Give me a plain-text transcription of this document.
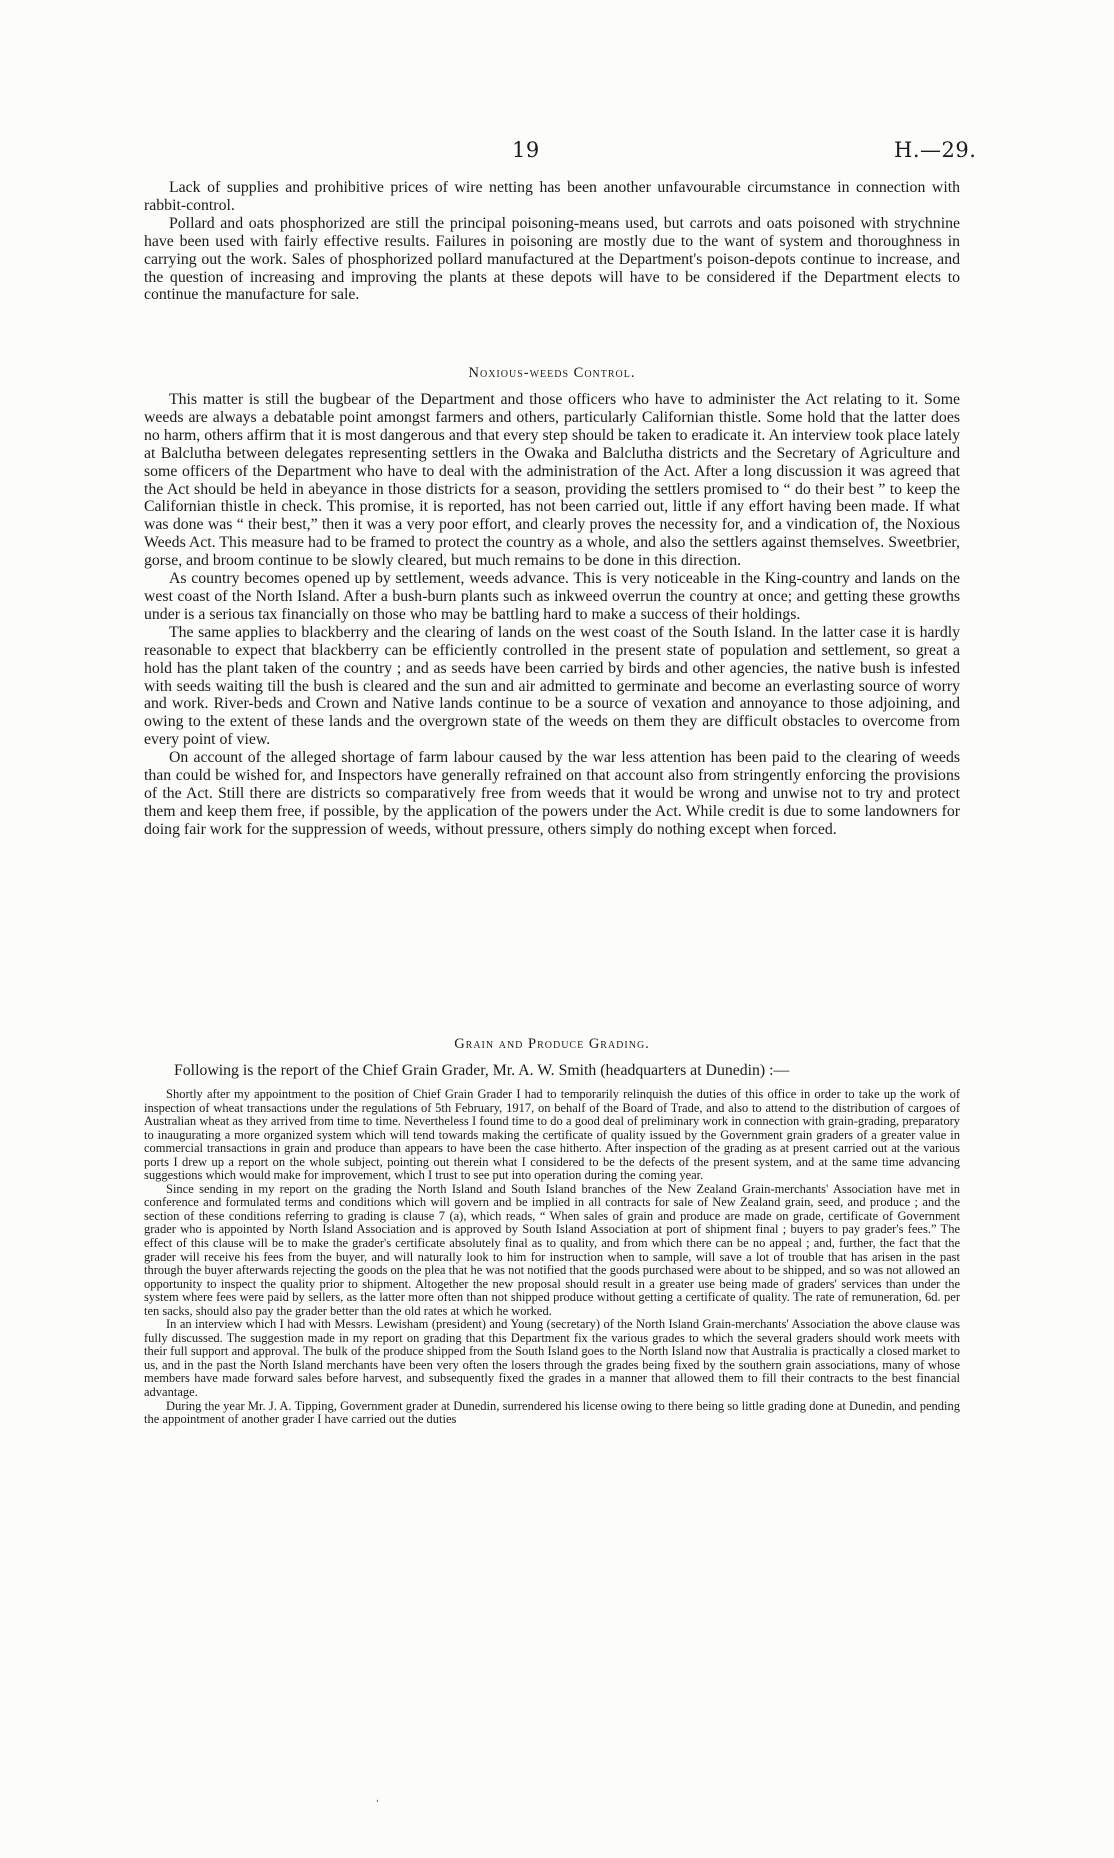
19	H.—29.

Lack of supplies and prohibitive prices of wire netting has been another unfavourable circumstance in connection with rabbit-control.

Pollard and oats phosphorized are still the principal poisoning-means used, but carrots and oats poisoned with strychnine have been used with fairly effective results. Failures in poisoning are mostly due to the want of system and thoroughness in carrying out the work. Sales of phosphorized pollard manufactured at the Department's poison-depots continue to increase, and the question of increasing and improving the plants at these depots will have to be considered if the Department elects to continue the manufacture for sale.

Noxious-weeds Control.

This matter is still the bugbear of the Department and those officers who have to administer the Act relating to it. Some weeds are always a debatable point amongst farmers and others, particularly Californian thistle. Some hold that the latter does no harm, others affirm that it is most dangerous and that every step should be taken to eradicate it. An interview took place lately at Balclutha between delegates representing settlers in the Owaka and Balclutha districts and the Secretary of Agriculture and some officers of the Department who have to deal with the administration of the Act. After a long discussion it was agreed that the Act should be held in abeyance in those districts for a season, providing the settlers promised to “ do their best ” to keep the Californian thistle in check. This promise, it is reported, has not been carried out, little if any effort having been made. If what was done was “ their best,” then it was a very poor effort, and clearly proves the necessity for, and a vindication of, the Noxious Weeds Act. This measure had to be framed to protect the country as a whole, and also the settlers against themselves. Sweetbrier, gorse, and broom continue to be slowly cleared, but much remains to be done in this direction.

As country becomes opened up by settlement, weeds advance. This is very noticeable in the King-country and lands on the west coast of the North Island. After a bush-burn plants such as inkweed overrun the country at once; and getting these growths under is a serious tax financially on those who may be battling hard to make a success of their holdings.

The same applies to blackberry and the clearing of lands on the west coast of the South Island. In the latter case it is hardly reasonable to expect that blackberry can be efficiently controlled in the present state of population and settlement, so great a hold has the plant taken of the country ; and as seeds have been carried by birds and other agencies, the native bush is infested with seeds waiting till the bush is cleared and the sun and air admitted to germinate and become an everlasting source of worry and work. River-beds and Crown and Native lands continue to be a source of vexation and annoyance to those adjoining, and owing to the extent of these lands and the overgrown state of the weeds on them they are difficult obstacles to overcome from every point of view.

On account of the alleged shortage of farm labour caused by the war less attention has been paid to the clearing of weeds than could be wished for, and Inspectors have generally refrained on that account also from stringently enforcing the provisions of the Act. Still there are districts so comparatively free from weeds that it would be wrong and unwise not to try and protect them and keep them free, if possible, by the application of the powers under the Act. While credit is due to some landowners for doing fair work for the suppression of weeds, without pressure, others simply do nothing except when forced.

Grain and Produce Grading.
Following is the report of the Chief Grain Grader, Mr. A. W. Smith (headquarters at Dunedin) :—

Shortly after my appointment to the position of Chief Grain Grader I had to temporarily relinquish the duties of this office in order to take up the work of inspection of wheat transactions under the regulations of 5th February, 1917, on behalf of the Board of Trade, and also to attend to the distribution of cargoes of Australian wheat as they arrived from time to time. Nevertheless I found time to do a good deal of preliminary work in connection with grain-grading, preparatory to inaugurating a more organized system which will tend towards making the certificate of quality issued by the Government grain graders of a greater value in commercial transactions in grain and produce than appears to have been the case hitherto. After inspection of the grading as at present carried out at the various ports I drew up a report on the whole subject, pointing out therein what I considered to be the defects of the present system, and at the same time advancing suggestions which would make for improvement, which I trust to see put into operation during the coming year.

Since sending in my report on the grading the North Island and South Island branches of the New Zealand Grain-merchants' Association have met in conference and formulated terms and conditions which will govern and be implied in all contracts for sale of New Zealand grain, seed, and produce ; and the section of these conditions referring to grading is clause 7 (a), which reads, “ When sales of grain and produce are made on grade, certificate of Government grader who is appointed by North Island Association and is approved by South Island Association at port of shipment final ; buyers to pay grader's fees.” The effect of this clause will be to make the grader's certificate absolutely final as to quality, and from which there can be no appeal ; and, further, the fact that the grader will receive his fees from the buyer, and will naturally look to him for instruction when to sample, will save a lot of trouble that has arisen in the past through the buyer afterwards rejecting the goods on the plea that he was not notified that the goods purchased were about to be shipped, and so was not allowed an opportunity to inspect the quality prior to shipment. Altogether the new proposal should result in a greater use being made of graders' services than under the system where fees were paid by sellers, as the latter more often than not shipped produce without getting a certificate of quality. The rate of remuneration, 6d. per ten sacks, should also pay the grader better than the old rates at which he worked.

In an interview which I had with Messrs. Lewisham (president) and Young (secretary) of the North Island Grain-merchants' Association the above clause was fully discussed. The suggestion made in my report on grading that this Department fix the various grades to which the several graders should work meets with their full support and approval. The bulk of the produce shipped from the South Island goes to the North Island now that Australia is practically a closed market to us, and in the past the North Island merchants have been very often the losers through the grades being fixed by the southern grain associations, many of whose members have made forward sales before harvest, and subsequently fixed the grades in a manner that allowed them to fill their contracts to the best financial advantage.

During the year Mr. J. A. Tipping, Government grader at Dunedin, surrendered his license owing to there being so little grading done at Dunedin, and pending the appointment of another grader I have carried out the duties

ˌ
